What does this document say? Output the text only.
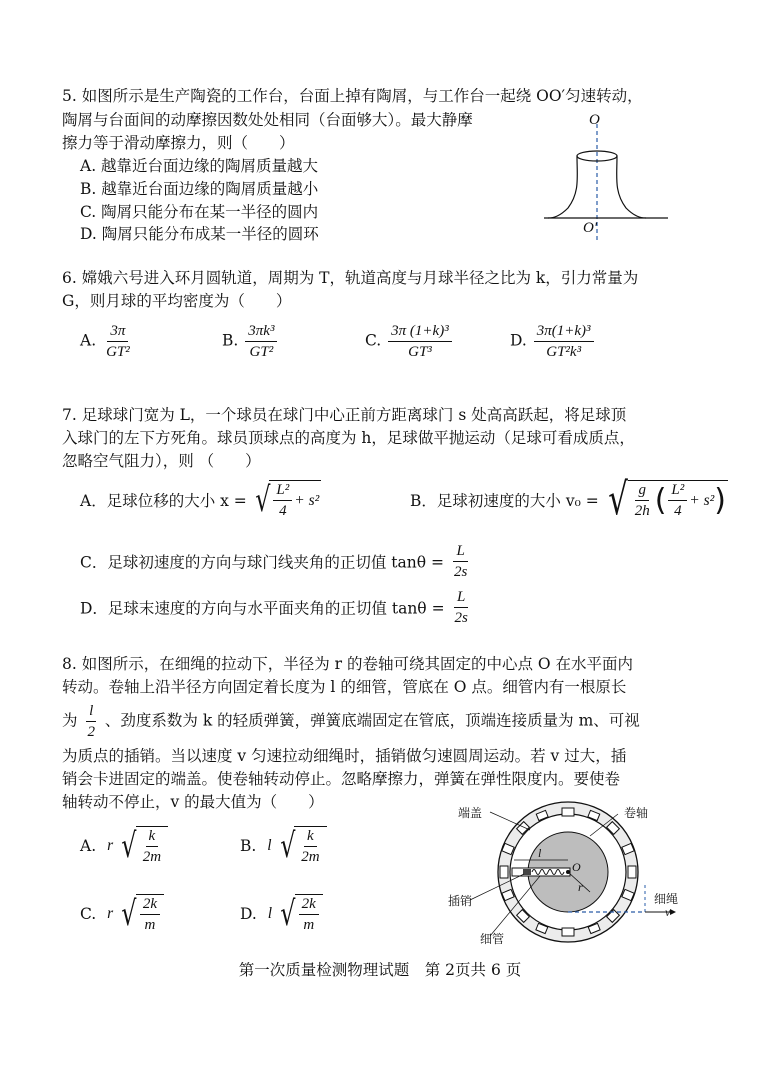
5. 如图所示是生产陶瓷的工作台，台面上掉有陶屑，与工作台一起绕 OO′匀速转动，
陶屑与台面间的动摩擦因数处处相同（台面够大）。最大静摩
擦力等于滑动摩擦力，则（　　）
A. 越靠近台面边缘的陶屑质量越大
B. 越靠近台面边缘的陶屑质量越小
C. 陶屑只能分布在某一半径的圆内
D. 陶屑只能分布成某一半径的圆环
O
O′
6. 嫦娥六号进入环月圆轨道，周期为 T，轨道高度与月球半径之比为 k，引力常量为
G，则月球的平均密度为（　　）
A. $\frac{3\pi}{\text{GT²}}$	B. $\frac{\text{3πk³}}{\text{GT²}}$	C. $\frac{\text{3π (1+k)³}}{\text{GT³}}$	D. $\frac{\text{3π(1+k)³}}{\text{GT²k³}}$
7. 足球球门宽为 L，一个球员在球门中心正前方距离球门 s 处高高跃起，将足球顶
入球门的左下方死角。球员顶球点的高度为 h，足球做平抛运动（足球可看成质点，
忽略空气阻力），则 （　　）
A．足球位移的大小 x = √ $\frac{\text{L²}}{4} + s^2$	B．足球初速度的大小 v₀ = √ $\frac{g}{2h}$ ( $\frac{\text{L²}}{4} + s^2$ )
C．足球初速度的方向与球门线夹角的正切值 $\tan\theta = \frac{L}{2s}$
D．足球末速度的方向与水平面夹角的正切值 $\tan\theta = \frac{L}{2s}$
8. 如图所示，在细绳的拉动下，半径为 r 的卷轴可绕其固定的中心点 O 在水平面内
转动。卷轴上沿半径方向固定着长度为 l 的细管，管底在 O 点。细管内有一根原长
为 $\frac{l}{2}$ 、劲度系数为 k 的轻质弹簧，弹簧底端固定在管底，顶端连接质量为 m、可视
为质点的插销。当以速度 v 匀速拉动细绳时，插销做匀速圆周运动。若 v 过大，插
销会卡进固定的端盖。使卷轴转动停止。忽略摩擦力，弹簧在弹性限度内。要使卷
轴转动不停止，v 的最大值为（　　）
A. r √ $\frac{k}{2m}$	B. l √ $\frac{k}{2m}$
C. r √ $\frac{2k}{m}$	D. l √ $\frac{2k}{m}$
端盖	卷轴
插销
细管
细绳
l
r
O
v
第一次质量检测物理试题　第 2页共 6 页
